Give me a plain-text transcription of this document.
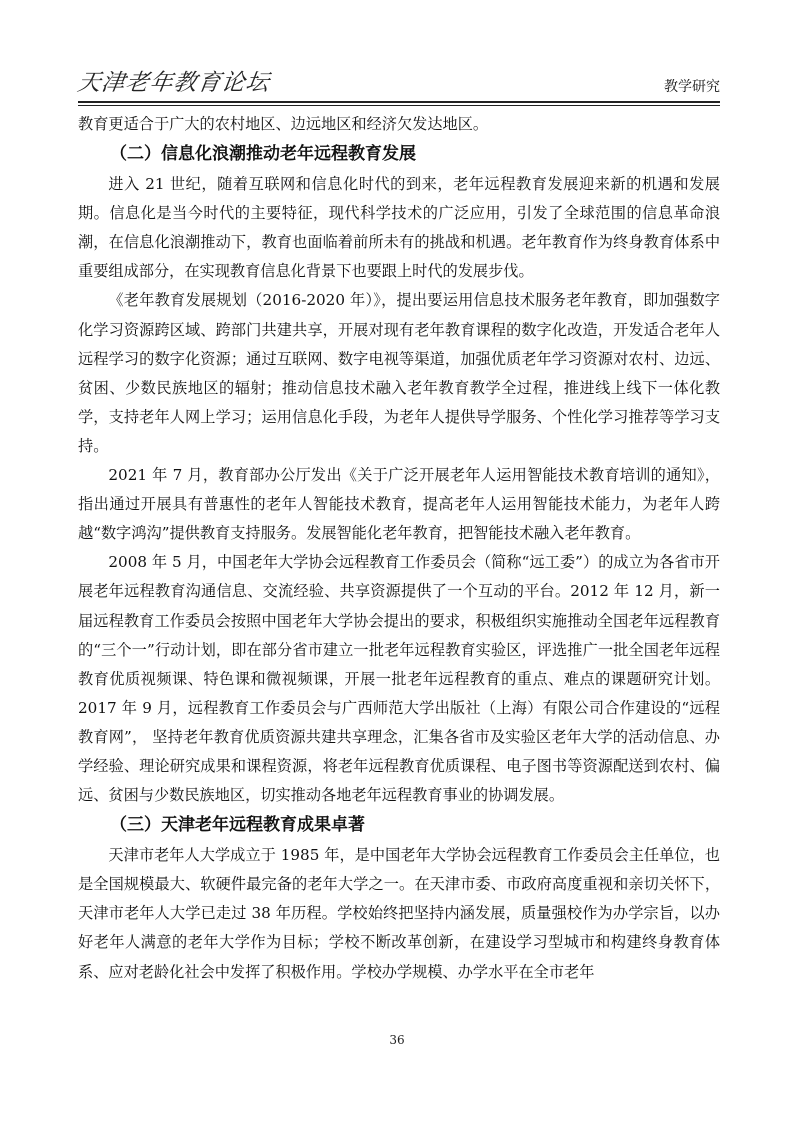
天津老年教育论坛	教学研究

教育更适合于广大的农村地区、边远地区和经济欠发达地区。

（二）信息化浪潮推动老年远程教育发展

进入 21 世纪，随着互联网和信息化时代的到来，老年远程教育发展迎来新的机遇和发展期。信息化是当今时代的主要特征，现代科学技术的广泛应用，引发了全球范围的信息革命浪潮，在信息化浪潮推动下，教育也面临着前所未有的挑战和机遇。老年教育作为终身教育体系中重要组成部分，在实现教育信息化背景下也要跟上时代的发展步伐。

《老年教育发展规划（2016-2020 年）》，提出要运用信息技术服务老年教育，即加强数字化学习资源跨区域、跨部门共建共享，开展对现有老年教育课程的数字化改造，开发适合老年人远程学习的数字化资源；通过互联网、数字电视等渠道，加强优质老年学习资源对农村、边远、贫困、少数民族地区的辐射；推动信息技术融入老年教育教学全过程，推进线上线下一体化教学，支持老年人网上学习；运用信息化手段，为老年人提供导学服务、个性化学习推荐等学习支持。

2021 年 7 月，教育部办公厅发出《关于广泛开展老年人运用智能技术教育培训的通知》，指出通过开展具有普惠性的老年人智能技术教育，提高老年人运用智能技术能力，为老年人跨越“数字鸿沟”提供教育支持服务。发展智能化老年教育，把智能技术融入老年教育。

2008 年 5 月，中国老年大学协会远程教育工作委员会（简称“远工委”）的成立为各省市开展老年远程教育沟通信息、交流经验、共享资源提供了一个互动的平台。2012 年 12 月，新一届远程教育工作委员会按照中国老年大学协会提出的要求，积极组织实施推动全国老年远程教育的“三个一”行动计划，即在部分省市建立一批老年远程教育实验区，评选推广一批全国老年远程教育优质视频课、特色课和微视频课，开展一批老年远程教育的重点、难点的课题研究计划。2017 年 9 月，远程教育工作委员会与广西师范大学出版社（上海）有限公司合作建设的“远程教育网”， 坚持老年教育优质资源共建共享理念，汇集各省市及实验区老年大学的活动信息、办学经验、理论研究成果和课程资源，将老年远程教育优质课程、电子图书等资源配送到农村、偏远、贫困与少数民族地区，切实推动各地老年远程教育事业的协调发展。

（三）天津老年远程教育成果卓著

天津市老年人大学成立于 1985 年，是中国老年大学协会远程教育工作委员会主任单位，也是全国规模最大、软硬件最完备的老年大学之一。在天津市委、市政府高度重视和亲切关怀下，天津市老年人大学已走过 38 年历程。学校始终把坚持内涵发展，质量强校作为办学宗旨，以办好老年人满意的老年大学作为目标；学校不断改革创新，在建设学习型城市和构建终身教育体系、应对老龄化社会中发挥了积极作用。学校办学规模、办学水平在全市老年

36
